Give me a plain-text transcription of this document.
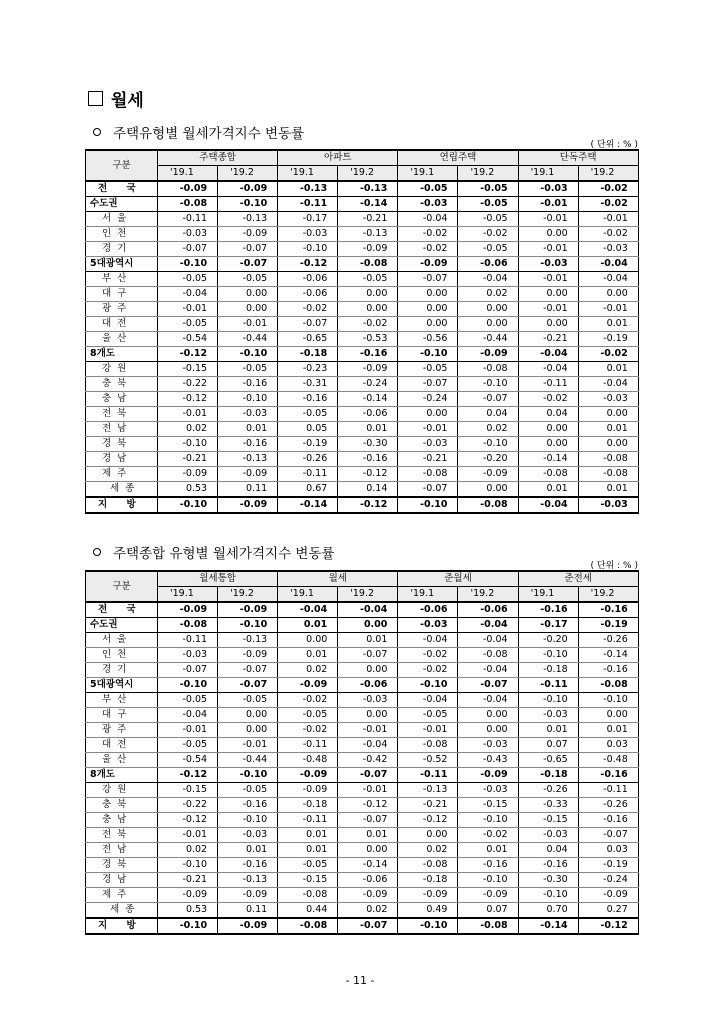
월세
주택유형별 월세가격지수 변동률
( 단위 : % )
구분	주택종합		아파트		연립주택		단독주택	
	'19.1	'19.2	'19.1	'19.2	'19.1	'19.2	'19.1	'19.2
전 국	-0.09	-0.09	-0.13	-0.13	-0.05	-0.05	-0.03	-0.02
수도권	-0.08	-0.10	-0.11	-0.14	-0.03	-0.05	-0.01	-0.02
서울	-0.11	-0.13	-0.17	-0.21	-0.04	-0.05	-0.01	-0.01
인천	-0.03	-0.09	-0.03	-0.13	-0.02	-0.02	0.00	-0.02
경기	-0.07	-0.07	-0.10	-0.09	-0.02	-0.05	-0.01	-0.03
5대광역시	-0.10	-0.07	-0.12	-0.08	-0.09	-0.06	-0.03	-0.04
부산	-0.05	-0.05	-0.06	-0.05	-0.07	-0.04	-0.01	-0.04
대구	-0.04	0.00	-0.06	0.00	0.00	0.02	0.00	0.00
광주	-0.01	0.00	-0.02	0.00	0.00	0.00	-0.01	-0.01
대전	-0.05	-0.01	-0.07	-0.02	0.00	0.00	0.00	0.01
울산	-0.54	-0.44	-0.65	-0.53	-0.56	-0.44	-0.21	-0.19
8개도	-0.12	-0.10	-0.18	-0.16	-0.10	-0.09	-0.04	-0.02
강원	-0.15	-0.05	-0.23	-0.09	-0.05	-0.08	-0.04	0.01
충북	-0.22	-0.16	-0.31	-0.24	-0.07	-0.10	-0.11	-0.04
충남	-0.12	-0.10	-0.16	-0.14	-0.24	-0.07	-0.02	-0.03
전북	-0.01	-0.03	-0.05	-0.06	0.00	0.04	0.04	0.00
전남	0.02	0.01	0.05	0.01	-0.01	0.02	0.00	0.01
경북	-0.10	-0.16	-0.19	-0.30	-0.03	-0.10	0.00	0.00
경남	-0.21	-0.13	-0.26	-0.16	-0.21	-0.20	-0.14	-0.08
제주	-0.09	-0.09	-0.11	-0.12	-0.08	-0.09	-0.08	-0.08
세종	0.53	0.11	0.67	0.14	-0.07	0.00	0.01	0.01
지 방	-0.10	-0.09	-0.14	-0.12	-0.10	-0.08	-0.04	-0.03
주택종합 유형별 월세가격지수 변동률
( 단위 : % )
구분	월세통합		월세		준월세		준전세	
	'19.1	'19.2	'19.1	'19.2	'19.1	'19.2	'19.1	'19.2
전 국	-0.09	-0.09	-0.04	-0.04	-0.06	-0.06	-0.16	-0.16
수도권	-0.08	-0.10	0.01	0.00	-0.03	-0.04	-0.17	-0.19
서울	-0.11	-0.13	0.00	0.01	-0.04	-0.04	-0.20	-0.26
인천	-0.03	-0.09	0.01	-0.07	-0.02	-0.08	-0.10	-0.14
경기	-0.07	-0.07	0.02	0.00	-0.02	-0.04	-0.18	-0.16
5대광역시	-0.10	-0.07	-0.09	-0.06	-0.10	-0.07	-0.11	-0.08
부산	-0.05	-0.05	-0.02	-0.03	-0.04	-0.04	-0.10	-0.10
대구	-0.04	0.00	-0.05	0.00	-0.05	0.00	-0.03	0.00
광주	-0.01	0.00	-0.02	-0.01	-0.01	0.00	0.01	0.01
대전	-0.05	-0.01	-0.11	-0.04	-0.08	-0.03	0.07	0.03
울산	-0.54	-0.44	-0.48	-0.42	-0.52	-0.43	-0.65	-0.48
8개도	-0.12	-0.10	-0.09	-0.07	-0.11	-0.09	-0.18	-0.16
강원	-0.15	-0.05	-0.09	-0.01	-0.13	-0.03	-0.26	-0.11
충북	-0.22	-0.16	-0.18	-0.12	-0.21	-0.15	-0.33	-0.26
충남	-0.12	-0.10	-0.11	-0.07	-0.12	-0.10	-0.15	-0.16
전북	-0.01	-0.03	0.01	0.01	0.00	-0.02	-0.03	-0.07
전남	0.02	0.01	0.01	0.00	0.02	0.01	0.04	0.03
경북	-0.10	-0.16	-0.05	-0.14	-0.08	-0.16	-0.16	-0.19
경남	-0.21	-0.13	-0.15	-0.06	-0.18	-0.10	-0.30	-0.24
제주	-0.09	-0.09	-0.08	-0.09	-0.09	-0.09	-0.10	-0.09
세종	0.53	0.11	0.44	0.02	0.49	0.07	0.70	0.27
지 방	-0.10	-0.09	-0.08	-0.07	-0.10	-0.08	-0.14	-0.12
- 11 -
